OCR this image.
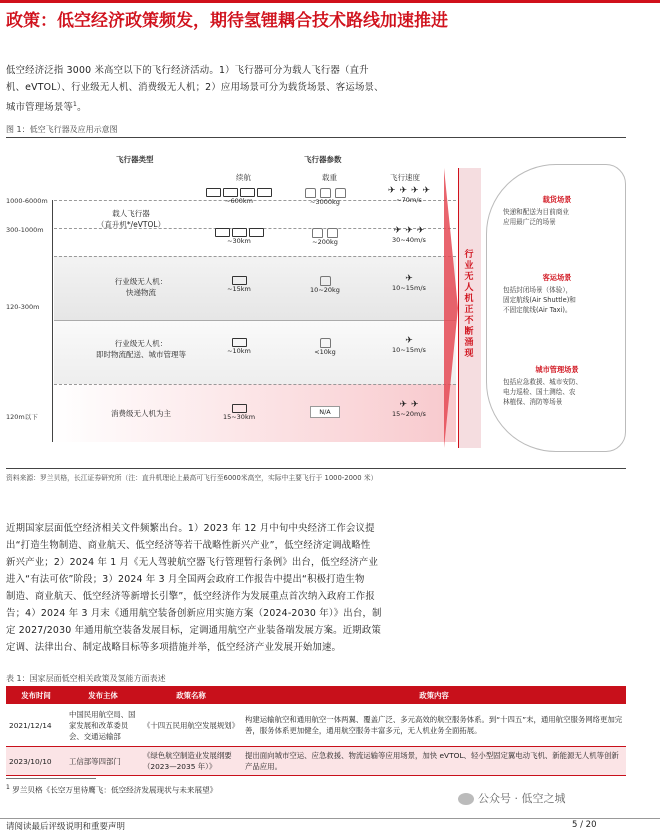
政策：低空经济政策频发，期待氢锂耦合技术路线加速推进
低空经济泛指 3000 米高空以下的飞行经济活动。1）飞行器可分为载人飞行器（直升
机、eVTOL）、行业级无人机、消费级无人机；2）应用场景可分为载货场景、客运场景、
城市管理场景等$^1$。
图 1：低空飞行器及应用示意图
飞行器类型	飞行器参数
续航	载重	飞行速度
1000-6000m
300-1000m
120-300m
120m以下
载人飞行器
（直升机*/eVTOL）
~600km	~3000kg
✈ ✈ ✈ ✈
~70m/s
~30km	~200kg
✈ ✈ ✈
30~40m/s
行业级无人机：
快递物流	~15km	10~20kg
✈
10~15m/s
行业级无人机：
即时物流配送、城市管理等	~10km	<10kg
✈
10~15m/s
消费级无人机为主	15~30km
N/A
✈ ✈
15~20m/s
行业无人机正不断涌现
载货场景
快递和配送为目前商业
应用最广泛的场景
客运场景
包括封闭场景（体验），
固定航线(Air Shuttle)和
不固定航线(Air Taxi)。
城市管理场景
包括应急救援、城市安防、
电力巡检、国土测绘、农
林植保、消防等场景
资料来源：罗兰贝格，长江证券研究所（注：直升机理论上最高可飞行至6000米高空，实际中主要飞行于 1000-2000 米）
近期国家层面低空经济相关文件频繁出台。1）2023 年 12 月中旬中央经济工作会议提
出“打造生物制造、商业航天、低空经济等若干战略性新兴产业”，低空经济定调战略性
新兴产业；2）2024 年 1 月《无人驾驶航空器飞行管理暂行条例》出台，低空经济产业
进入“有法可依”阶段；3）2024 年 3 月全国两会政府工作报告中提出“积极打造生物
制造、商业航天、低空经济等新增长引擎”，低空经济作为发展重点首次纳入政府工作报
告；4）2024 年 3 月末《通用航空装备创新应用实施方案（2024-2030 年）》出台，制
定 2027/2030 年通用航空装备发展目标，定调通用航空产业装备端发展方案。近期政策
定调、法律出台、制定战略目标等多项措施并举，低空经济产业发展开始加速。
表 1：国家层面低空相关政策及氢能方面表述
发布时间	发布主体	政策名称	政策内容
2021/12/14	中国民用航空局、国家发展和改革委员会、交通运输部	《十四五民用航空发展规划》	构建运输航空和通用航空一体两翼、覆盖广泛、多元高效的航空服务体系。到“十四五”末，通用航空服务网络更加完善，服务体系更加健全，通用航空服务丰富多元，无人机业务全面拓展。
2023/10/10	工信部等四部门	《绿色航空制造业发展纲要（2023—2035 年）》	提出面向城市空运、应急救援、物流运输等应用场景，加快 eVTOL、轻小型固定翼电动飞机、新能源无人机等创新产品应用。
$^1$ 罗兰贝格《长空万里待鹰飞：低空经济发展现状与未来展望》
公众号 · 低空之城
请阅读最后评级说明和重要声明	5 / 20
